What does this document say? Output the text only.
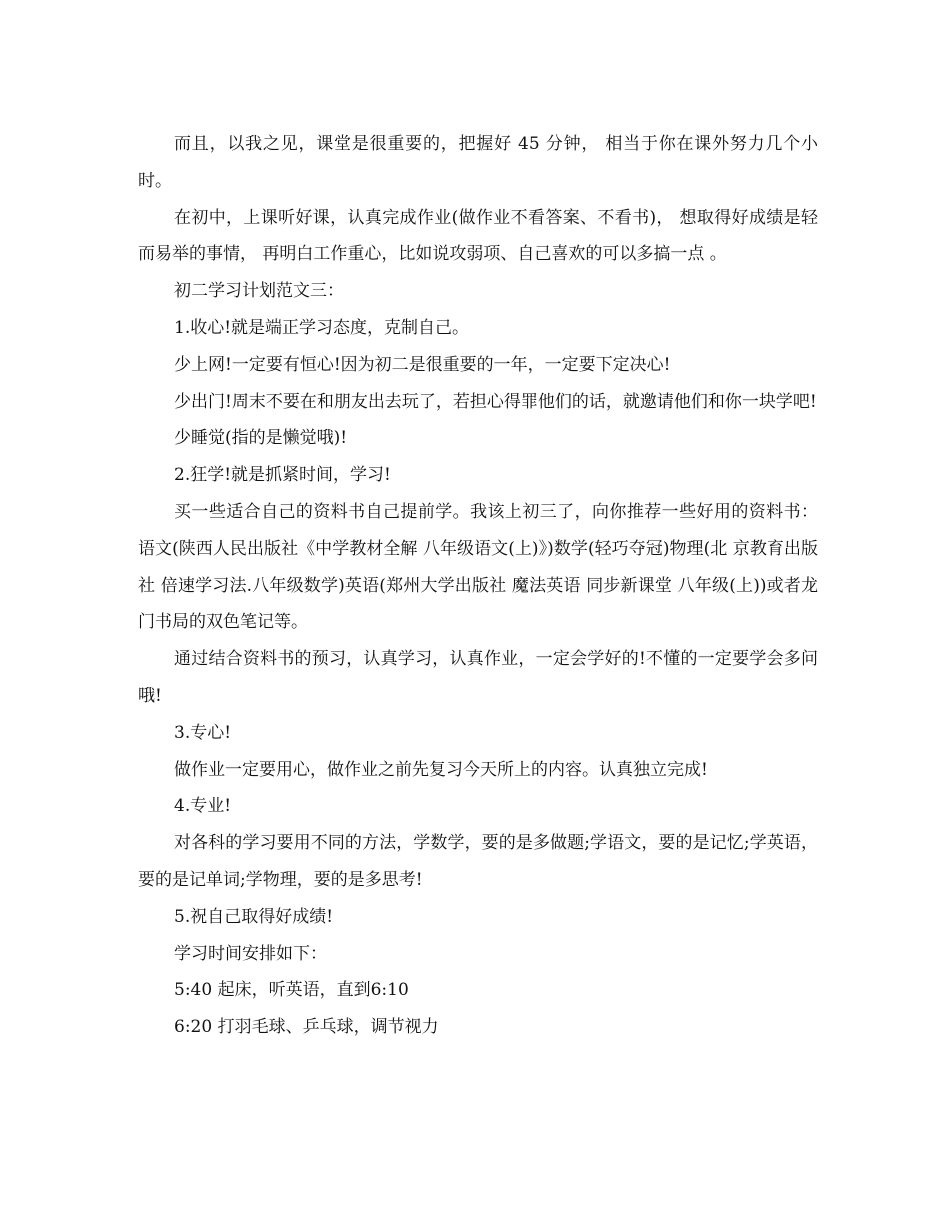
而且，以我之见，课堂是很重要的，把握好 45 分钟， 相当于你在课外努力几个小时。

在初中，上课听好课，认真完成作业(做作业不看答案、不看书)， 想取得好成绩是轻而易举的事情， 再明白工作重心，比如说攻弱项、自己喜欢的可以多搞一点 。

初二学习计划范文三：

1.收心!就是端正学习态度，克制自己。

少上网!一定要有恒心!因为初二是很重要的一年，一定要下定决心!

少出门!周末不要在和朋友出去玩了，若担心得罪他们的话，就邀请他们和你一块学吧!

少睡觉(指的是懒觉哦)!

2.狂学!就是抓紧时间，学习!

买一些适合自己的资料书自己提前学。我该上初三了，向你推荐一些好用的资料书：语文(陕西人民出版社《中学教材全解 八年级语文(上)》)数学(轻巧夺冠)物理(北 京教育出版社 倍速学习法.八年级数学)英语(郑州大学出版社 魔法英语 同步新课堂 八年级(上))或者龙门书局的双色笔记等。

通过结合资料书的预习，认真学习，认真作业，一定会学好的!不懂的一定要学会多问哦!

3.专心!

做作业一定要用心，做作业之前先复习今天所上的内容。认真独立完成!

4.专业!

对各科的学习要用不同的方法，学数学，要的是多做题;学语文，要的是记忆;学英语，要的是记单词;学物理，要的是多思考!

5.祝自己取得好成绩!

学习时间安排如下：

5:40 起床，听英语，直到6:10

6:20 打羽毛球、乒乓球，调节视力
